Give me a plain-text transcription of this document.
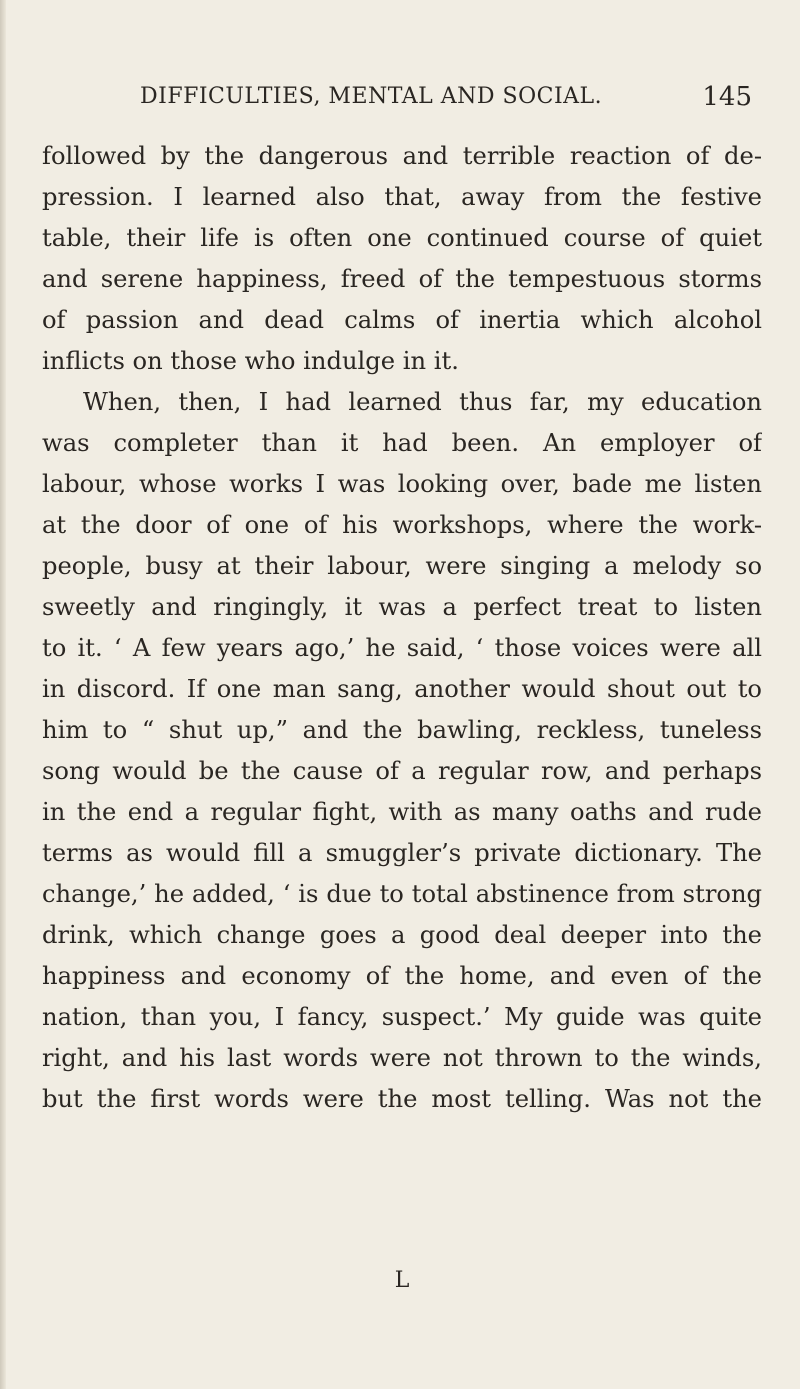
DIFFICULTIES, MENTAL AND SOCIAL.	145
followed by the dangerous and terrible reaction of de-
pression. I learned also that, away from the festive
table, their life is often one continued course of quiet
and serene happiness, freed of the tempestuous storms
of passion and dead calms of inertia which alcohol
inflicts on those who indulge in it.
When, then, I had learned thus far, my education
was completer than it had been. An employer of
labour, whose works I was looking over, bade me listen
at the door of one of his workshops, where the work-
people, busy at their labour, were singing a melody so
sweetly and ringingly, it was a perfect treat to listen
to it. ‘ A few years ago,’ he said, ‘ those voices were all
in discord. If one man sang, another would shout out to
him to “ shut up,” and the bawling, reckless, tuneless
song would be the cause of a regular row, and perhaps
in the end a regular fight, with as many oaths and rude
terms as would fill a smuggler’s private dictionary. The
change,’ he added, ‘ is due to total abstinence from strong
drink, which change goes a good deal deeper into the
happiness and economy of the home, and even of the
nation, than you, I fancy, suspect.’ My guide was quite
right, and his last words were not thrown to the winds,
but the first words were the most telling. Was not the
L
